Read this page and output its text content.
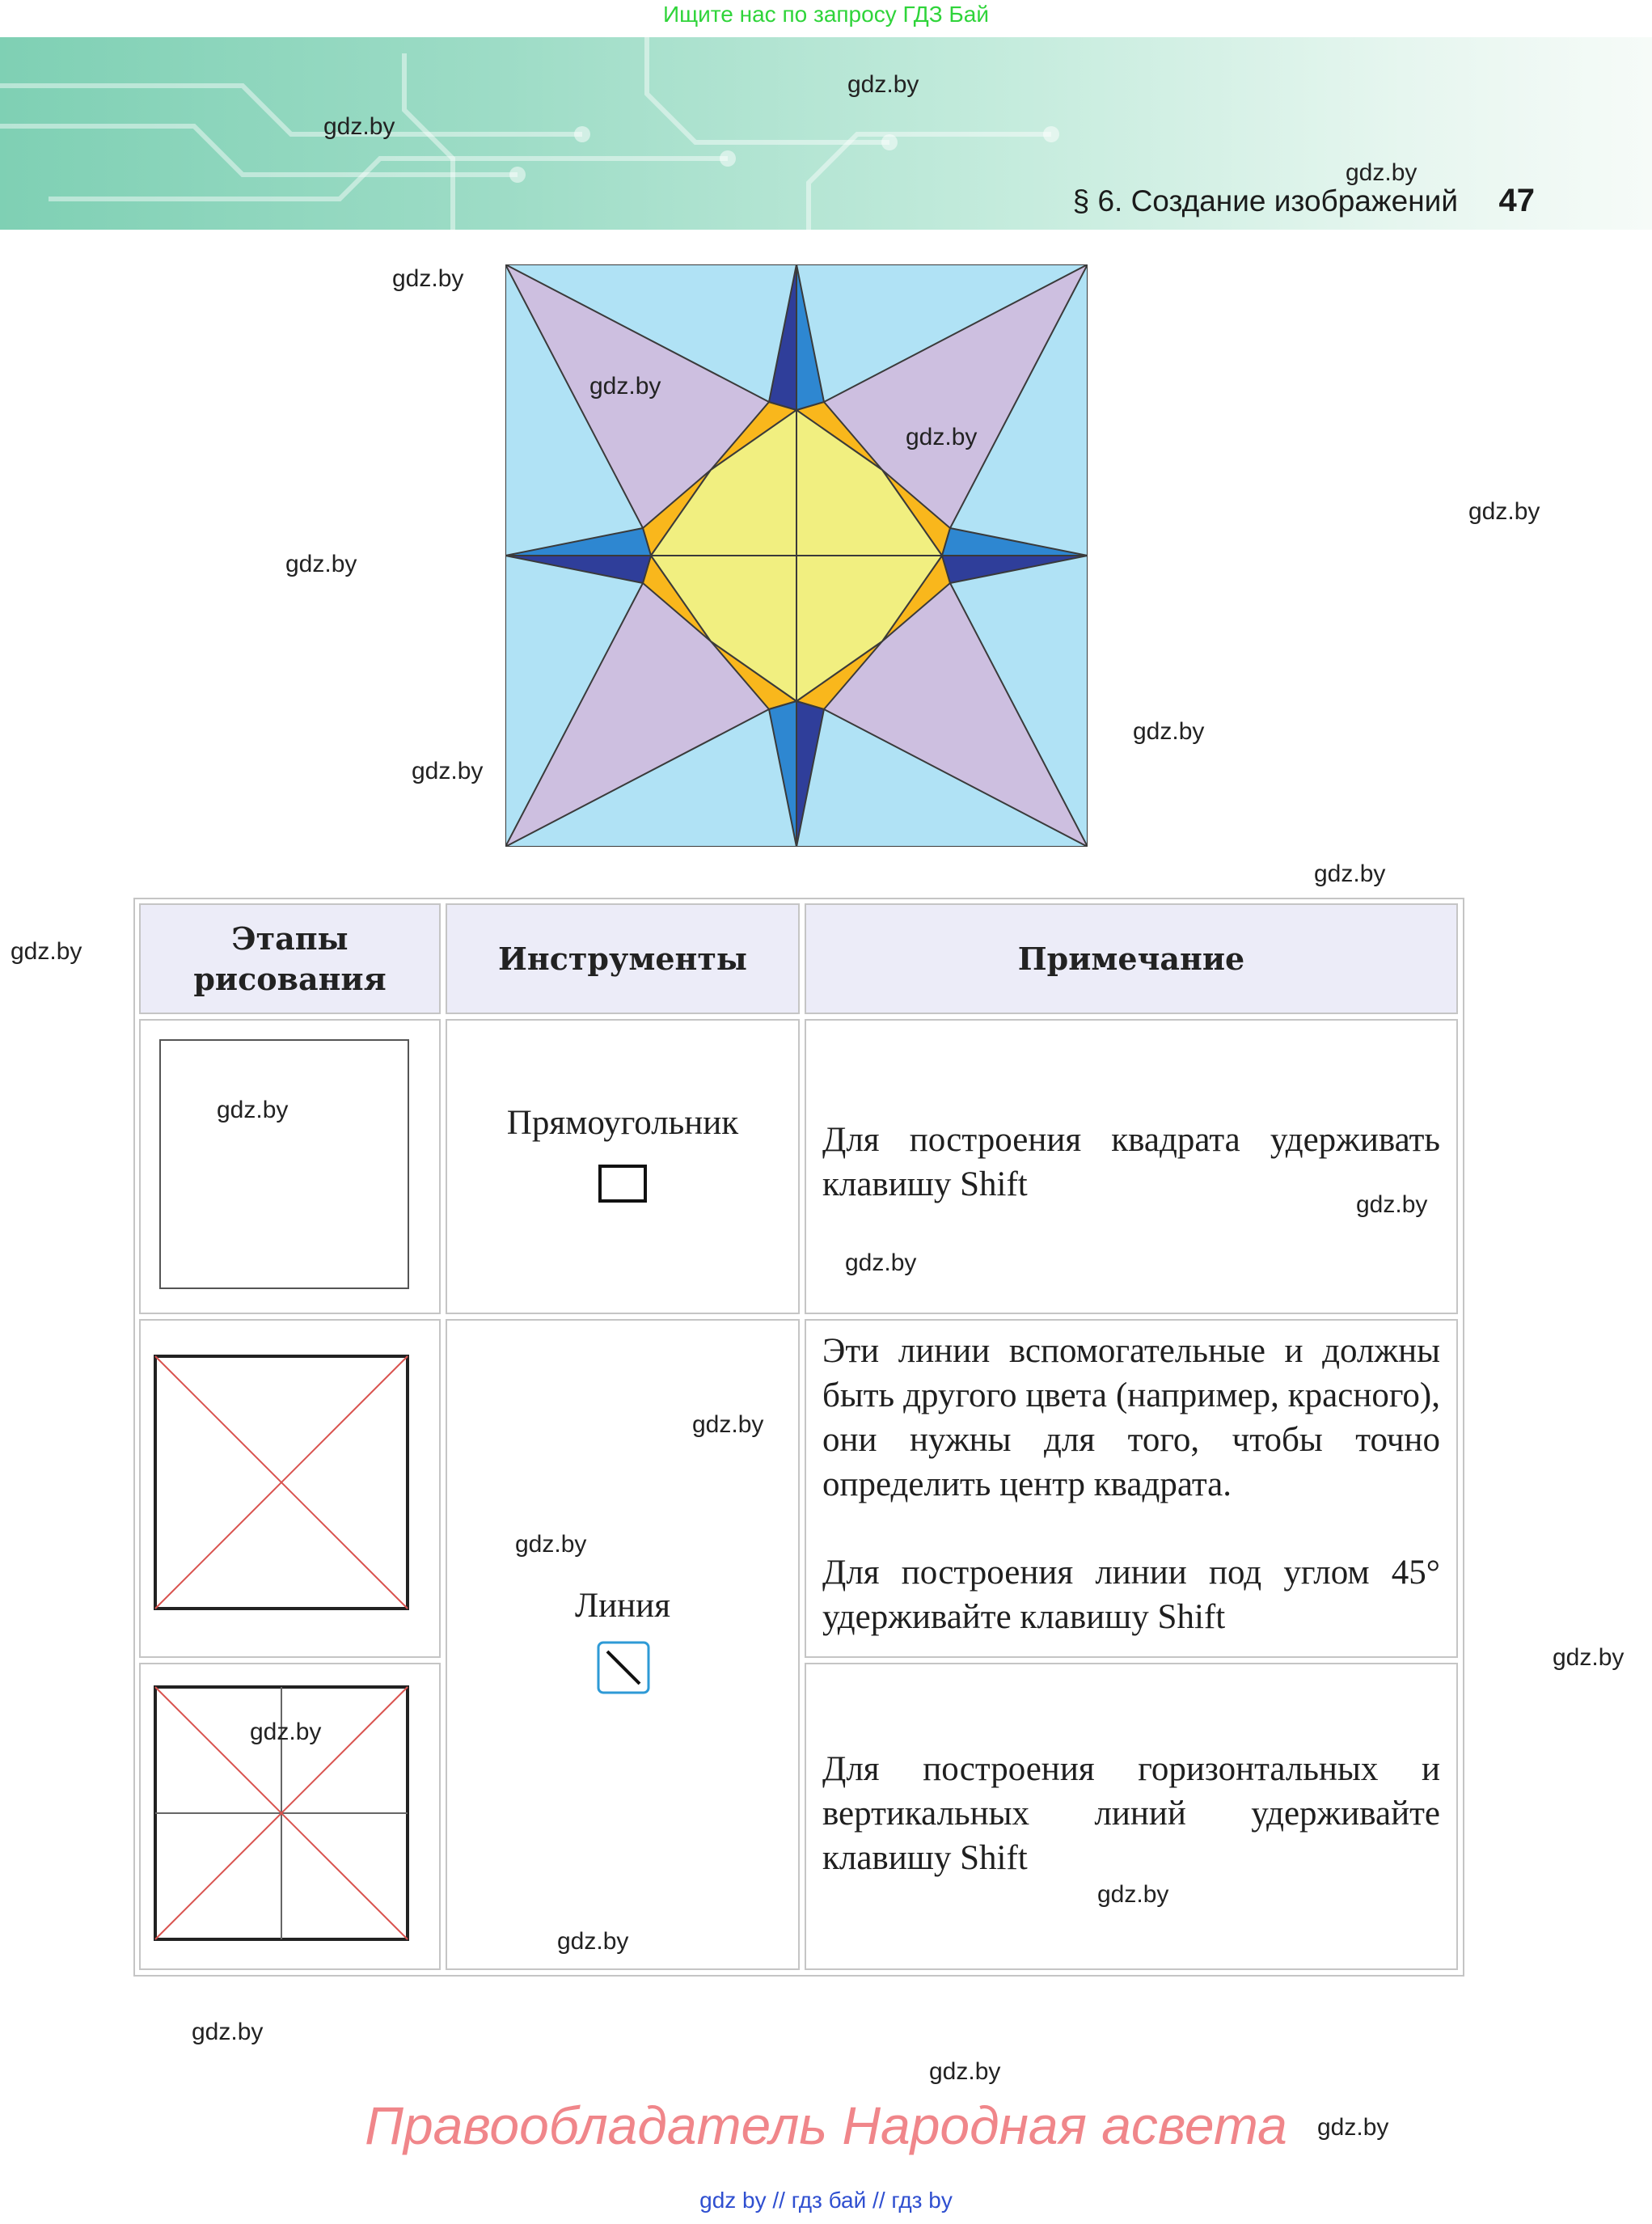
Ищите нас по запросу ГДЗ Бай
§ 6. Создание изображений 47
Этапы рисования
Инструменты	Примечание
Прямоугольник	Для построения квадрата удерживать клавишу Shift
Линия
Эти линии вспомогательные и должны быть другого цвета (например, красного), они нужны для того, чтобы точно определить центр квадрата.
Для построения линии под углом 45° удерживайте клавишу Shift
Для построения горизонтальных и вертикальных линий удерживайте клавишу Shift
gdz.by
gdz.by
gdz.by
gdz.by
gdz.by
gdz.by
gdz.by
gdz.by
gdz.by
gdz.by
gdz.by
gdz.by
gdz.by
gdz.by
gdz.by
gdz.by
gdz.by
gdz.by
gdz.by
gdz.by
gdz.by
gdz.by
gdz.by
gdz.by
Правообладатель Народная асвета
gdz by // гдз бай // гдз by
